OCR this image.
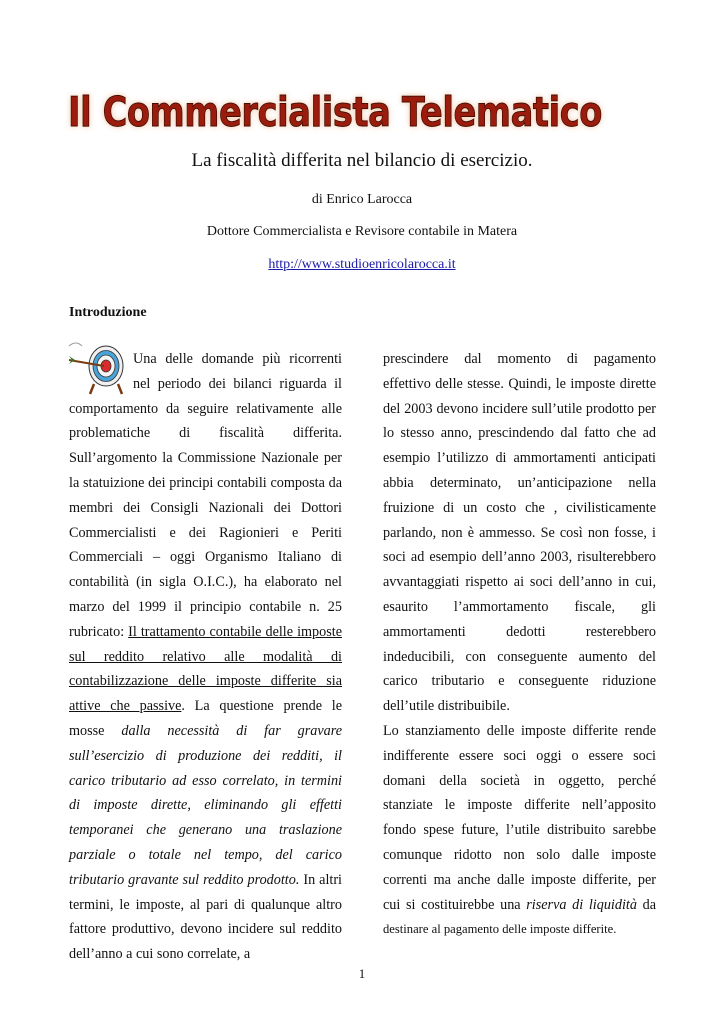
Il Commercialista Telematico
La fiscalità differita nel bilancio di esercizio.
di Enrico Larocca
Dottore Commercialista e Revisore contabile in Matera
http://www.studioenricolarocca.it
Introduzione

Una delle domande più ricorrenti nel periodo dei bilanci riguarda il comportamento da seguire relativamente alle problematiche di fiscalità differita. Sull’argomento la Commissione Nazionale per la statuizione dei principi contabili composta da membri dei Consigli Nazionali dei Dottori Commercialisti e dei Ragionieri e Periti Commerciali – oggi Organismo Italiano di contabilità (in sigla O.I.C.), ha elaborato nel marzo del 1999 il principio contabile n. 25 rubricato: Il trattamento contabile delle imposte sul reddito relativo alle modalità di contabilizzazione delle imposte differite sia attive che passive. La questione prende le mosse dalla necessità di far gravare sull’esercizio di produzione dei redditi, il carico tributario ad esso correlato, in termini di imposte dirette, eliminando gli effetti temporanei che generano una traslazione parziale o totale nel tempo, del carico tributario gravante sul reddito prodotto. In altri termini, le imposte, al pari di qualunque altro fattore produttivo, devono incidere sul reddito dell’anno a cui sono correlate, a

prescindere dal momento di pagamento effettivo delle stesse. Quindi, le imposte dirette del 2003 devono incidere sull’utile prodotto per lo stesso anno, prescindendo dal fatto che ad esempio l’utilizzo di ammortamenti anticipati abbia determinato, un’anticipazione nella fruizione di un costo che , civilisticamente parlando, non è ammesso. Se così non fosse, i soci ad esempio dell’anno 2003, risulterebbero avvantaggiati rispetto ai soci dell’anno in cui, esaurito l’ammortamento fiscale, gli ammortamenti dedotti resterebbero indeducibili, con conseguente aumento del carico tributario e conseguente riduzione dell’utile distribuibile.

Lo stanziamento delle imposte differite rende indifferente essere soci oggi o essere soci domani della società in oggetto, perché stanziate le imposte differite nell’apposito fondo spese future, l’utile distribuito sarebbe comunque ridotto non solo dalle imposte correnti ma anche dalle imposte differite, per cui si costituirebbe una riserva di liquidità da destinare al pagamento delle imposte differite.

1
